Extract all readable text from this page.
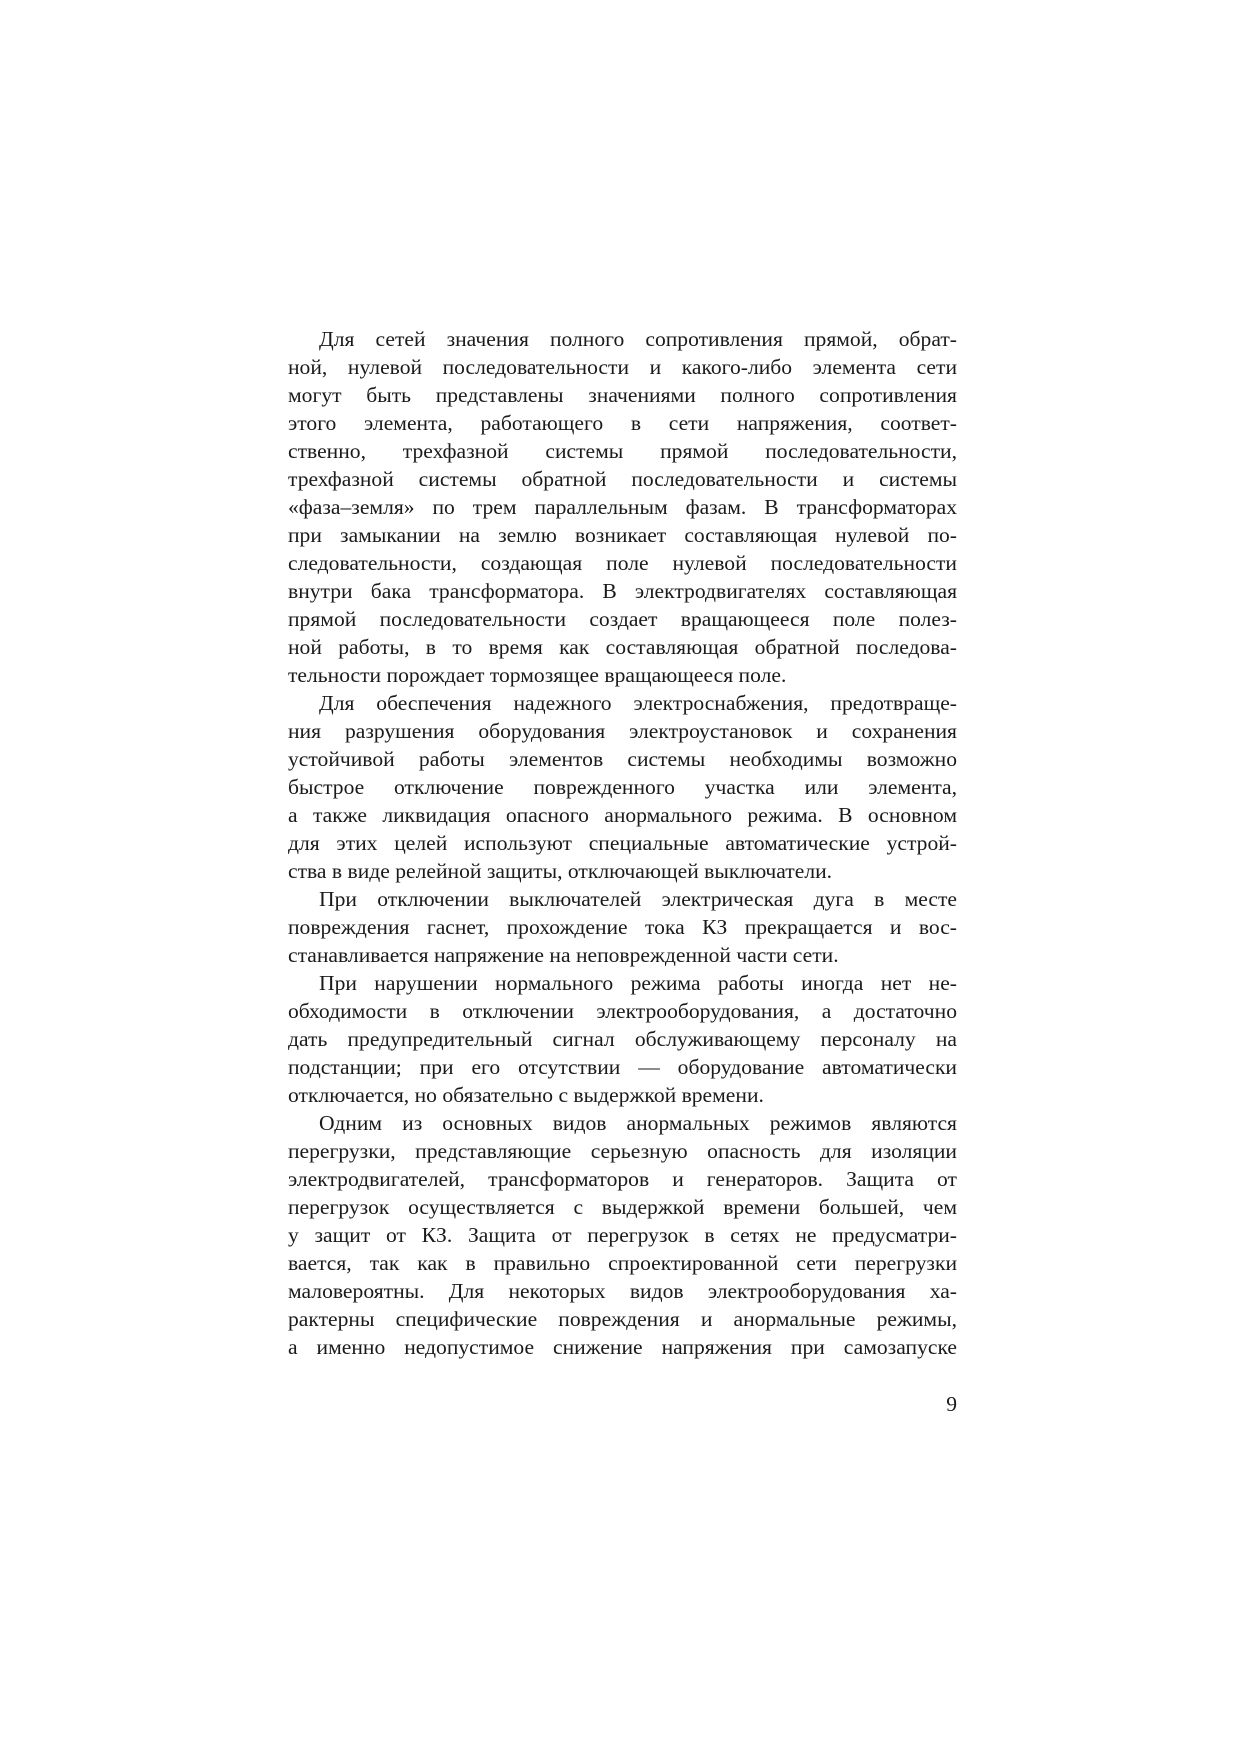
Для сетей значения полного сопротивления прямой, обрат-
ной, нулевой последовательности и какого-либо элемента сети
могут быть представлены значениями полного сопротивления
этого элемента, работающего в сети напряжения, соответ-
ственно, трехфазной системы прямой последовательности,
трехфазной системы обратной последовательности и системы
«фаза–земля» по трем параллельным фазам. В трансформаторах
при замыкании на землю возникает составляющая нулевой по-
следовательности, создающая поле нулевой последовательности
внутри бака трансформатора. В электродвигателях составляющая
прямой последовательности создает вращающееся поле полез-
ной работы, в то время как составляющая обратной последова-
тельности порождает тормозящее вращающееся поле.

Для обеспечения надежного электроснабжения, предотвраще-
ния разрушения оборудования электроустановок и сохранения
устойчивой работы элементов системы необходимы возможно
быстрое отключение поврежденного участка или элемента,
а также ликвидация опасного анормального режима. В основном
для этих целей используют специальные автоматические устрой-
ства в виде релейной защиты, отключающей выключатели.

При отключении выключателей электрическая дуга в месте
повреждения гаснет, прохождение тока КЗ прекращается и вос-
станавливается напряжение на неповрежденной части сети.

При нарушении нормального режима работы иногда нет не-
обходимости в отключении электрооборудования, а достаточно
дать предупредительный сигнал обслуживающему персоналу на
подстанции; при его отсутствии — оборудование автоматически
отключается, но обязательно с выдержкой времени.

Одним из основных видов анормальных режимов являются
перегрузки, представляющие серьезную опасность для изоляции
электродвигателей, трансформаторов и генераторов. Защита от
перегрузок осуществляется с выдержкой времени большей, чем
у защит от КЗ. Защита от перегрузок в сетях не предусматри-
вается, так как в правильно спроектированной сети перегрузки
маловероятны. Для некоторых видов электрооборудования ха-
рактерны специфические повреждения и анормальные режимы,
а именно недопустимое снижение напряжения при самозапуске

9
